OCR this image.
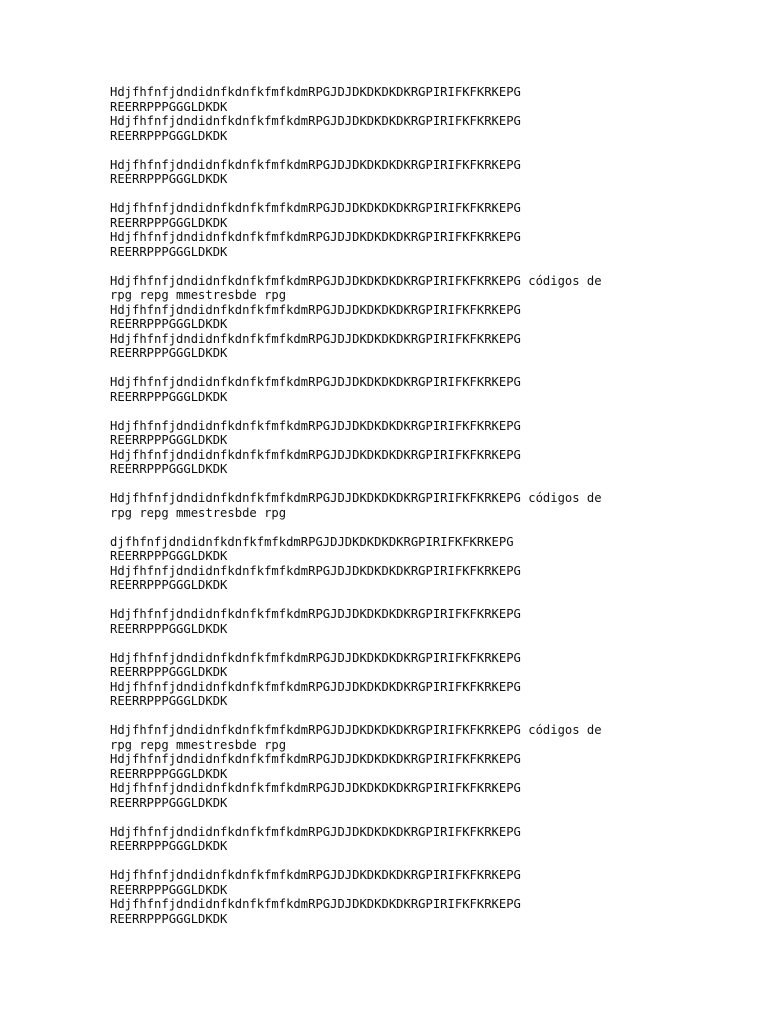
HdjfhfnfjdndidnfkdnfkfmfkdmRPGJDJDKDKDKDKRGPIRIFKFKRKEPG
REERRPPPGGGLDKDK
HdjfhfnfjdndidnfkdnfkfmfkdmRPGJDJDKDKDKDKRGPIRIFKFKRKEPG
REERRPPPGGGLDKDK
HdjfhfnfjdndidnfkdnfkfmfkdmRPGJDJDKDKDKDKRGPIRIFKFKRKEPG
REERRPPPGGGLDKDK
HdjfhfnfjdndidnfkdnfkfmfkdmRPGJDJDKDKDKDKRGPIRIFKFKRKEPG
REERRPPPGGGLDKDK
HdjfhfnfjdndidnfkdnfkfmfkdmRPGJDJDKDKDKDKRGPIRIFKFKRKEPG
REERRPPPGGGLDKDK
HdjfhfnfjdndidnfkdnfkfmfkdmRPGJDJDKDKDKDKRGPIRIFKFKRKEPG códigos de
rpg repg mmestresbde rpg
HdjfhfnfjdndidnfkdnfkfmfkdmRPGJDJDKDKDKDKRGPIRIFKFKRKEPG
REERRPPPGGGLDKDK
HdjfhfnfjdndidnfkdnfkfmfkdmRPGJDJDKDKDKDKRGPIRIFKFKRKEPG
REERRPPPGGGLDKDK
HdjfhfnfjdndidnfkdnfkfmfkdmRPGJDJDKDKDKDKRGPIRIFKFKRKEPG
REERRPPPGGGLDKDK
HdjfhfnfjdndidnfkdnfkfmfkdmRPGJDJDKDKDKDKRGPIRIFKFKRKEPG
REERRPPPGGGLDKDK
HdjfhfnfjdndidnfkdnfkfmfkdmRPGJDJDKDKDKDKRGPIRIFKFKRKEPG
REERRPPPGGGLDKDK
HdjfhfnfjdndidnfkdnfkfmfkdmRPGJDJDKDKDKDKRGPIRIFKFKRKEPG códigos de
rpg repg mmestresbde rpg
djfhfnfjdndidnfkdnfkfmfkdmRPGJDJDKDKDKDKRGPIRIFKFKRKEPG
REERRPPPGGGLDKDK
HdjfhfnfjdndidnfkdnfkfmfkdmRPGJDJDKDKDKDKRGPIRIFKFKRKEPG
REERRPPPGGGLDKDK
HdjfhfnfjdndidnfkdnfkfmfkdmRPGJDJDKDKDKDKRGPIRIFKFKRKEPG
REERRPPPGGGLDKDK
HdjfhfnfjdndidnfkdnfkfmfkdmRPGJDJDKDKDKDKRGPIRIFKFKRKEPG
REERRPPPGGGLDKDK
HdjfhfnfjdndidnfkdnfkfmfkdmRPGJDJDKDKDKDKRGPIRIFKFKRKEPG
REERRPPPGGGLDKDK
HdjfhfnfjdndidnfkdnfkfmfkdmRPGJDJDKDKDKDKRGPIRIFKFKRKEPG códigos de
rpg repg mmestresbde rpg
HdjfhfnfjdndidnfkdnfkfmfkdmRPGJDJDKDKDKDKRGPIRIFKFKRKEPG
REERRPPPGGGLDKDK
HdjfhfnfjdndidnfkdnfkfmfkdmRPGJDJDKDKDKDKRGPIRIFKFKRKEPG
REERRPPPGGGLDKDK
HdjfhfnfjdndidnfkdnfkfmfkdmRPGJDJDKDKDKDKRGPIRIFKFKRKEPG
REERRPPPGGGLDKDK
HdjfhfnfjdndidnfkdnfkfmfkdmRPGJDJDKDKDKDKRGPIRIFKFKRKEPG
REERRPPPGGGLDKDK
HdjfhfnfjdndidnfkdnfkfmfkdmRPGJDJDKDKDKDKRGPIRIFKFKRKEPG
REERRPPPGGGLDKDK
